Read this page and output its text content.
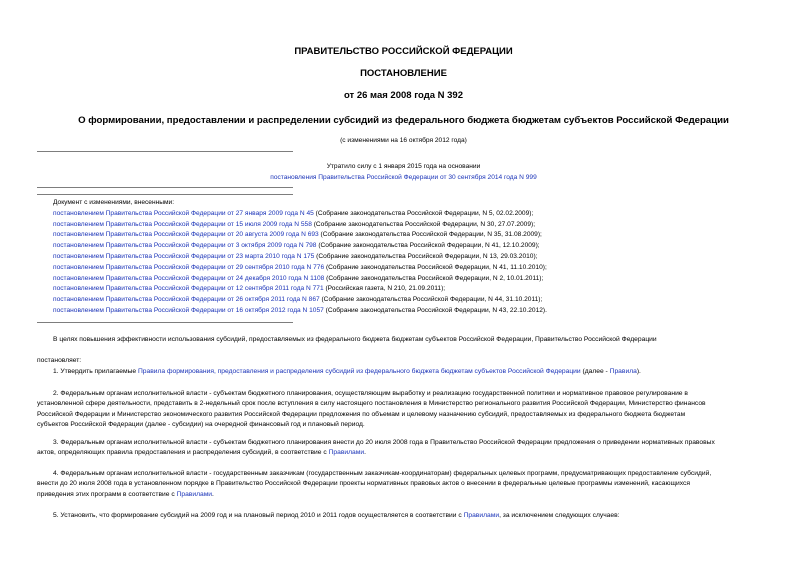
ПРАВИТЕЛЬСТВО РОССИЙСКОЙ ФЕДЕРАЦИИ
ПОСТАНОВЛЕНИЕ
от 26 мая 2008 года N 392
О формировании, предоставлении и распределении субсидий из федерального бюджета бюджетам субъектов Российской Федерации
(с изменениями на 16 октября 2012 года)
Утратило силу с 1 января 2015 года на основании
постановления Правительства Российской Федерации от 30 сентября 2014 года N 999
Документ с изменениями, внесенными:
постановлением Правительства Российской Федерации от 27 января 2009 года N 45 (Собрание законодательства Российской Федерации, N 5, 02.02.2009);
постановлением Правительства Российской Федерации от 15 июля 2009 года N 558 (Собрание законодательства Российской Федерации, N 30, 27.07.2009);
постановлением Правительства Российской Федерации от 20 августа 2009 года N 693 (Собрание законодательства Российской Федерации, N 35, 31.08.2009);
постановлением Правительства Российской Федерации от 3 октября 2009 года N 798 (Собрание законодательства Российской Федерации, N 41, 12.10.2009);
постановлением Правительства Российской Федерации от 23 марта 2010 года N 175 (Собрание законодательства Российской Федерации, N 13, 29.03.2010);
постановлением Правительства Российской Федерации от 29 сентября 2010 года N 776 (Собрание законодательства Российской Федерации, N 41, 11.10.2010);
постановлением Правительства Российской Федерации от 24 декабря 2010 года N 1108 (Собрание законодательства Российской Федерации, N 2, 10.01.2011);
постановлением Правительства Российской Федерации от 12 сентября 2011 года N 771 (Российская газета, N 210, 21.09.2011);
постановлением Правительства Российской Федерации от 26 октября 2011 года N 867 (Собрание законодательства Российской Федерации, N 44, 31.10.2011);
постановлением Правительства Российской Федерации от 16 октября 2012 года N 1057 (Собрание законодательства Российской Федерации, N 43, 22.10.2012).
В целях повышения эффективности использования субсидий, предоставляемых из федерального бюджета бюджетам субъектов Российской Федерации, Правительство Российской Федерации
постановляет:
1. Утвердить прилагаемые Правила формирования, предоставления и распределения субсидий из федерального бюджета бюджетам субъектов Российской Федерации (далее - Правила).
2. Федеральным органам исполнительной власти - субъектам бюджетного планирования, осуществляющим выработку и реализацию государственной политики и нормативное правовое регулирование в
установленной сфере деятельности, представить в 2-недельный срок после вступления в силу настоящего постановления в Министерство регионального развития Российской Федерации, Министерство финансов
Российской Федерации и Министерство экономического развития Российской Федерации предложения по объемам и целевому назначению субсидий, предоставляемых из федерального бюджета бюджетам
субъектов Российской Федерации (далее - субсидии) на очередной финансовый год и плановый период.
3. Федеральным органам исполнительной власти - субъектам бюджетного планирования внести до 20 июля 2008 года в Правительство Российской Федерации предложения о приведении нормативных правовых
актов, определяющих правила предоставления и распределения субсидий, в соответствие с Правилами.
4. Федеральным органам исполнительной власти - государственным заказчикам (государственным заказчикам-координаторам) федеральных целевых программ, предусматривающих предоставление субсидий,
внести до 20 июля 2008 года в установленном порядке в Правительство Российской Федерации проекты нормативных правовых актов о внесении в федеральные целевые программы изменений, касающихся
приведения этих программ в соответствие с Правилами.
5. Установить, что формирование субсидий на 2009 год и на плановый период 2010 и 2011 годов осуществляется в соответствии с Правилами, за исключением следующих случаев:
